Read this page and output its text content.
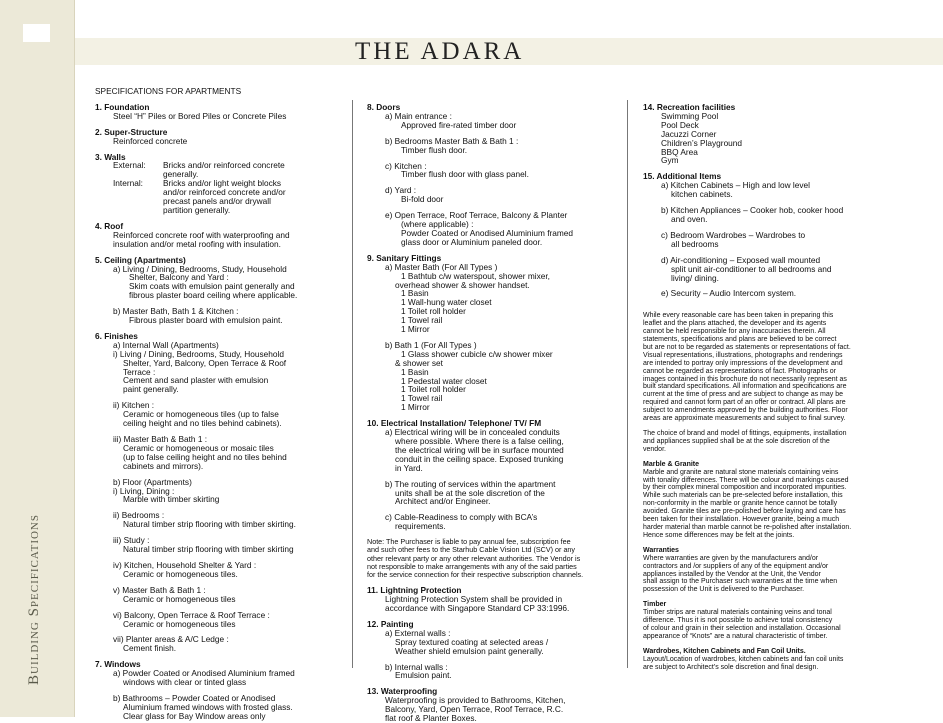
Building Specifications
THE ADARA
SPECIFICATIONS FOR APARTMENTS
1. Foundation
Steel “H” Piles or Bored Piles or Concrete Piles
2. Super-Structure
Reinforced concrete
3. Walls
External:	Bricks and/or reinforced concrete
generally.
Internal:	Bricks and/or light weight blocks
and/or reinforced concrete and/or
precast panels and/or drywall
partition generally.
4. Roof
Reinforced concrete roof with waterproofing and
insulation and/or metal roofing with insulation.
5. Ceiling (Apartments)
a) Living / Dining, Bedrooms, Study, Household
Shelter, Balcony and Yard :
Skim coats with emulsion paint generally and
fibrous plaster board ceiling where applicable.
b) Master Bath, Bath 1 & Kitchen :
Fibrous plaster board with emulsion paint.
6. Finishes
a) Internal Wall (Apartments)
i) Living / Dining, Bedrooms, Study, Household
Shelter, Yard, Balcony, Open Terrace & Roof
Terrace :
Cement and sand plaster with emulsion
paint generally.
ii) Kitchen :
Ceramic or homogeneous tiles (up to false
ceiling height and no tiles behind cabinets).
iii) Master Bath & Bath 1 :
Ceramic or homogeneous or mosaic tiles
(up to false ceiling height and no tiles behind
cabinets and mirrors).
b) Floor (Apartments)
i) Living, Dining :
Marble with timber skirting
ii) Bedrooms :
Natural timber strip flooring with timber skirting.
iii) Study :
Natural timber strip flooring with timber skirting
iv) Kitchen, Household Shelter & Yard :
Ceramic or homogeneous tiles.
v) Master Bath & Bath 1 :
Ceramic or homogeneous tiles
vi) Balcony, Open Terrace & Roof Terrace :
Ceramic or homogeneous tiles
vii) Planter areas & A/C Ledge :
Cement finish.
7. Windows
a) Powder Coated or Anodised Aluminium framed
windows with clear or tinted glass
b) Bathrooms – Powder Coated or Anodised
Aluminium framed windows with frosted glass.
Clear glass for Bay Window areas only
8. Doors
a) Main entrance :
Approved fire-rated timber door
b) Bedrooms Master Bath & Bath 1 :
Timber flush door.
c) Kitchen :
Timber flush door with glass panel.
d) Yard :
Bi-fold door
e) Open Terrace, Roof Terrace, Balcony & Planter
(where applicable) :
Powder Coated or Anodised Aluminium framed
glass door or Aluminium paneled door.
9. Sanitary Fittings
a) Master Bath (For All Types )
1 Bathtub c/w waterspout, shower mixer,
overhead shower & shower handset.
1 Basin
1 Wall-hung water closet
1 Toilet roll holder
1 Towel rail
1 Mirror
b) Bath 1 (For All Types )
1 Glass shower cubicle c/w shower mixer
& shower set
1 Basin
1 Pedestal water closet
1 Toilet roll holder
1 Towel rail
1 Mirror
10. Electrical Installation/ Telephone/ TV/ FM
a) Electrical wiring will be in concealed conduits
where possible. Where there is a false ceiling,
the electrical wiring will be in surface mounted
conduit in the ceiling space. Exposed trunking
in Yard.
b) The routing of services within the apartment
units shall be at the sole discretion of the
Architect and/or Engineer.
c) Cable-Readiness to comply with BCA’s
requirements.
Note: The Purchaser is liable to pay annual fee, subscription fee
and such other fees to the Starhub Cable Vision Ltd (SCV) or any
other relevant party or any other relevant authorities. The Vendor is
not responsible to make arrangements with any of the said parties
for the service connection for their respective subscription channels.
11. Lightning Protection
Lightning Protection System shall be provided in
accordance with Singapore Standard CP 33:1996.
12. Painting
a) External walls :
Spray textured coating at selected areas /
Weather shield emulsion paint generally.
b) Internal walls :
Emulsion paint.
13. Waterproofing
Waterproofing is provided to Bathrooms, Kitchen,
Balcony, Yard, Open Terrace, Roof Terrace, R.C.
flat roof & Planter Boxes.
14. Recreation facilities
Swimming Pool
Pool Deck
Jacuzzi Corner
Children’s Playground
BBQ Area
Gym
15. Additional Items
a) Kitchen Cabinets – High and low level
kitchen cabinets.
b) Kitchen Appliances – Cooker hob, cooker hood
and oven.
c) Bedroom Wardrobes – Wardrobes to
all bedrooms
d) Air-conditioning – Exposed wall mounted
split unit air-conditioner to all bedrooms and
living/ dining.
e) Security – Audio Intercom system.
While every reasonable care has been taken in preparing this
leaflet and the plans attached, the developer and its agents
cannot be held responsible for any inaccuracies therein. All
statements, specifications and plans are believed to be correct
but are not to be regarded as statements or representations of fact.
Visual representations, illustrations, photographs and renderings
are intended to portray only impressions of the development and
cannot be regarded as representations of fact. Photographs or
images contained in this brochure do not necessarily represent as
built standard specifications. All information and specifications are
current at the time of press and are subject to change as may be
required and cannot form part of an offer or contract. All plans are
subject to amendments approved by the building authorities. Floor
areas are approximate measurements and subject to final survey.
The choice of brand and model of fittings, equipments, installation
and appliances supplied shall be at the sole discretion of the
vendor.
Marble & Granite
Marble and granite are natural stone materials containing veins
with tonality differences. There will be colour and markings caused
by their complex mineral composition and incorporated impurities.
While such materials can be pre-selected before installation, this
non-conformity in the marble or granite hence cannot be totally
avoided. Granite tiles are pre-polished before laying and care has
been taken for their installation. However granite, being a much
harder material than marble cannot be re-polished after installation.
Hence some differences may be felt at the joints.
Warranties
Where warranties are given by the manufacturers and/or
contractors and /or suppliers of any of the equipment and/or
appliances installed by the Vendor at the Unit, the Vendor
shall assign to the Purchaser such warranties at the time when
possession of the Unit is delivered to the Purchaser.
Timber
Timber strips are natural materials containing veins and tonal
difference. Thus it is not possible to achieve total consistency
of colour and grain in their selection and installation. Occasional
appearance of “Knots” are a natural characteristic of timber.
Wardrobes, Kitchen Cabinets and Fan Coil Units.
Layout/Location of wardrobes, kitchen cabinets and fan coil units
are subject to Architect’s sole discretion and final design.
